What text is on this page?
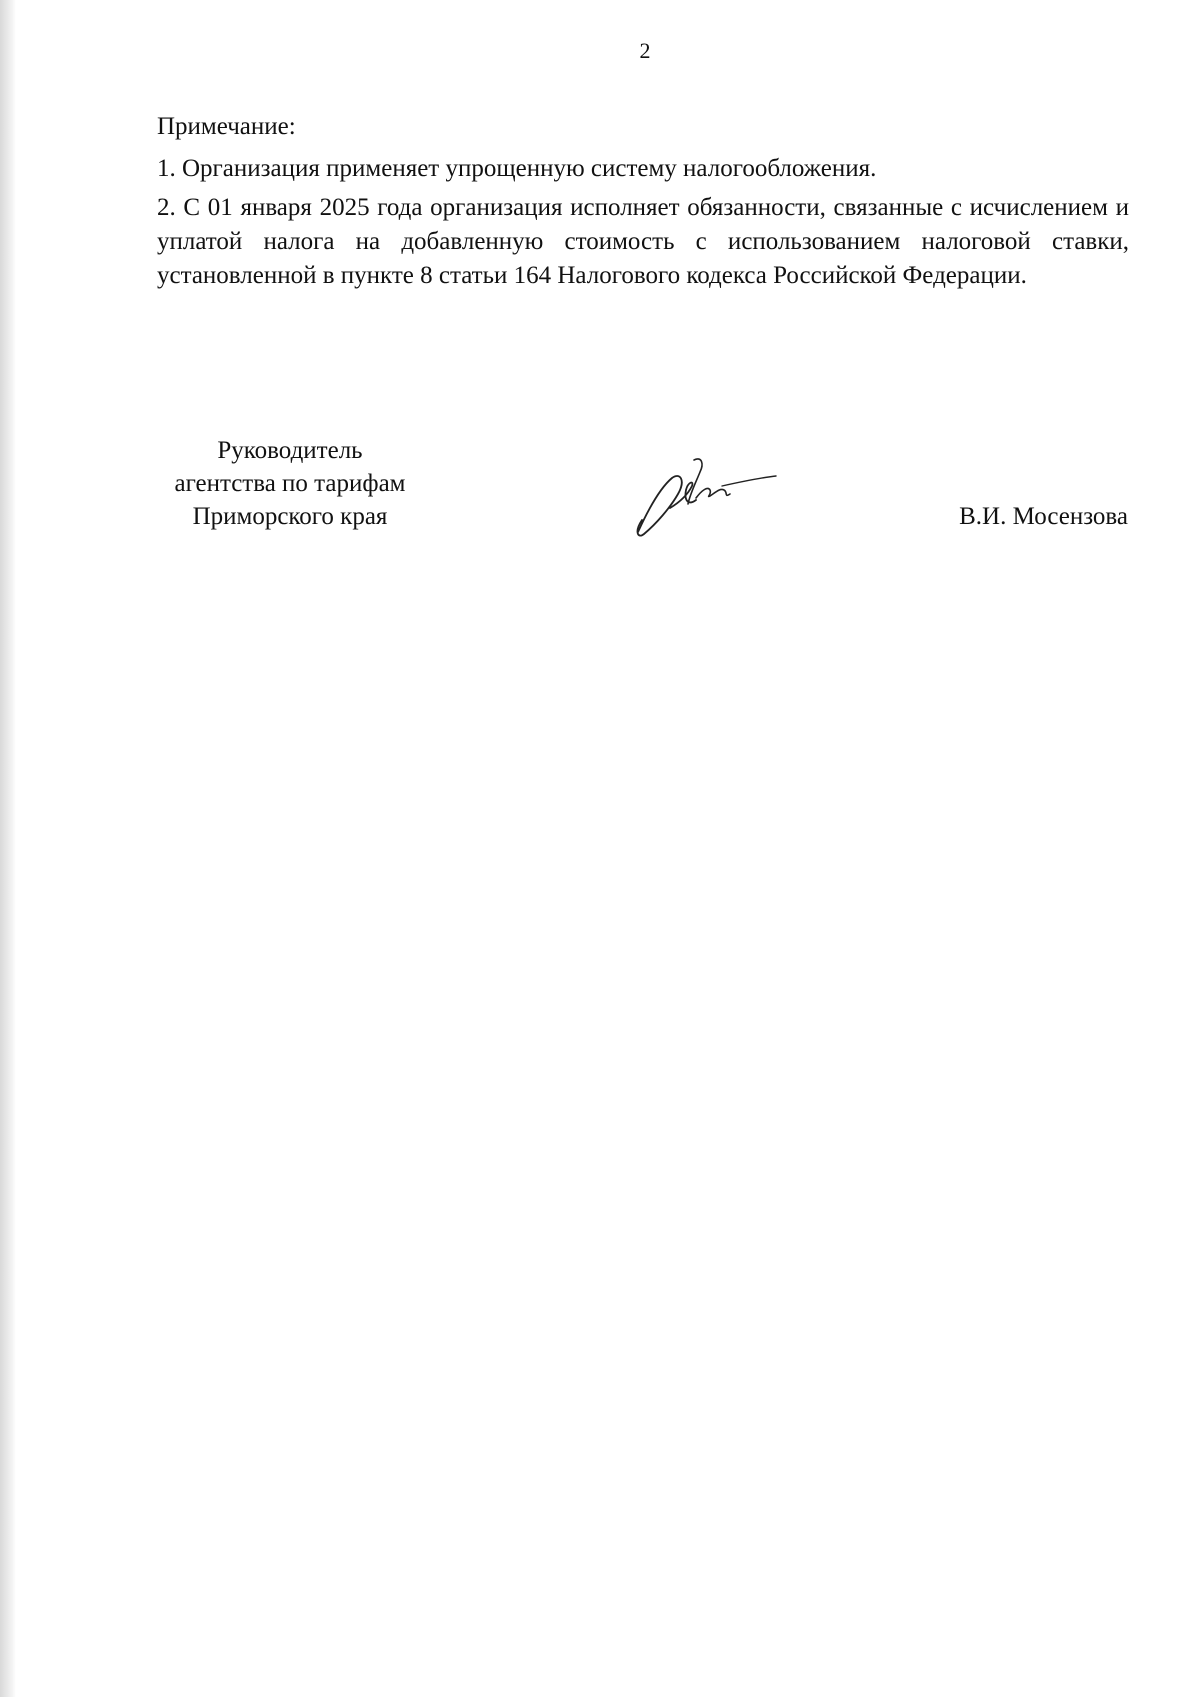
2
Примечание:
1. Организация применяет упрощенную систему налогообложения.
2. С 01 января 2025 года организация исполняет обязанности, связанные с исчислением и уплатой налога на добавленную стоимость с использованием налоговой ставки, установленной в пункте 8 статьи 164 Налогового кодекса Российской Федерации.
Руководитель
агентства по тарифам
Приморского края	В.И. Мосензова
